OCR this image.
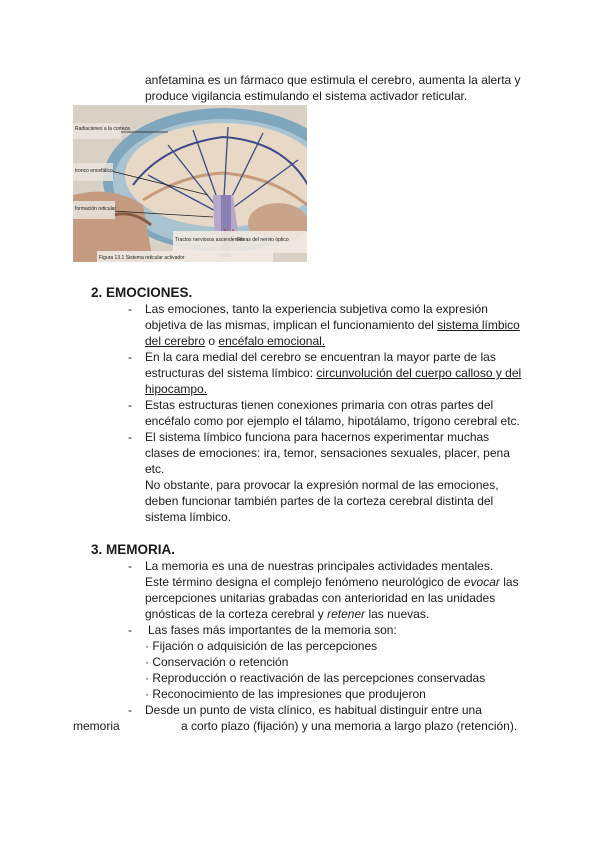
anfetamina es un fármaco que estimula el cerebro, aumenta la alerta y
produce vigilancia estimulando el sistema activador reticular.
Radiaciones a la corteza
tronco encefálico
formación reticular
Tractos nerviosos ascendentes
Fibras del nervio óptico
Figura 13.1 Sistema reticular activador
2. EMOCIONES.
- Las emociones, tanto la experiencia subjetiva como la expresión
objetiva de las mismas, implican el funcionamiento del sistema límbico
del cerebro o encéfalo emocional.
- En la cara medial del cerebro se encuentran la mayor parte de las
estructuras del sistema límbico: circunvolución del cuerpo calloso y del
hipocampo.
- Estas estructuras tienen conexiones primaria con otras partes del
encéfalo como por ejemplo el tálamo, hipotálamo, trígono cerebral etc.
- El sistema límbico funciona para hacernos experimentar muchas
clases de emociones: ira, temor, sensaciones sexuales, placer, pena
etc.
No obstante, para provocar la expresión normal de las emociones,
deben funcionar también partes de la corteza cerebral distinta del
sistema límbico.
3. MEMORIA.
- La memoria es una de nuestras principales actividades mentales.
Este término designa el complejo fenómeno neurológico de evocar las
percepciones unitarias grabadas con anterioridad en las unidades
gnósticas de la corteza cerebral y retener las nuevas.
- Las fases más importantes de la memoria son:
· Fijación o adquisición de las percepciones
· Conservación o retención
· Reproducción o reactivación de las percepciones conservadas
· Reconocimiento de las impresiones que produjeron
- Desde un punto de vista clínico, es habitual distinguir entre una
memoria	a corto plazo (fijación) y una memoria a largo plazo (retención).
